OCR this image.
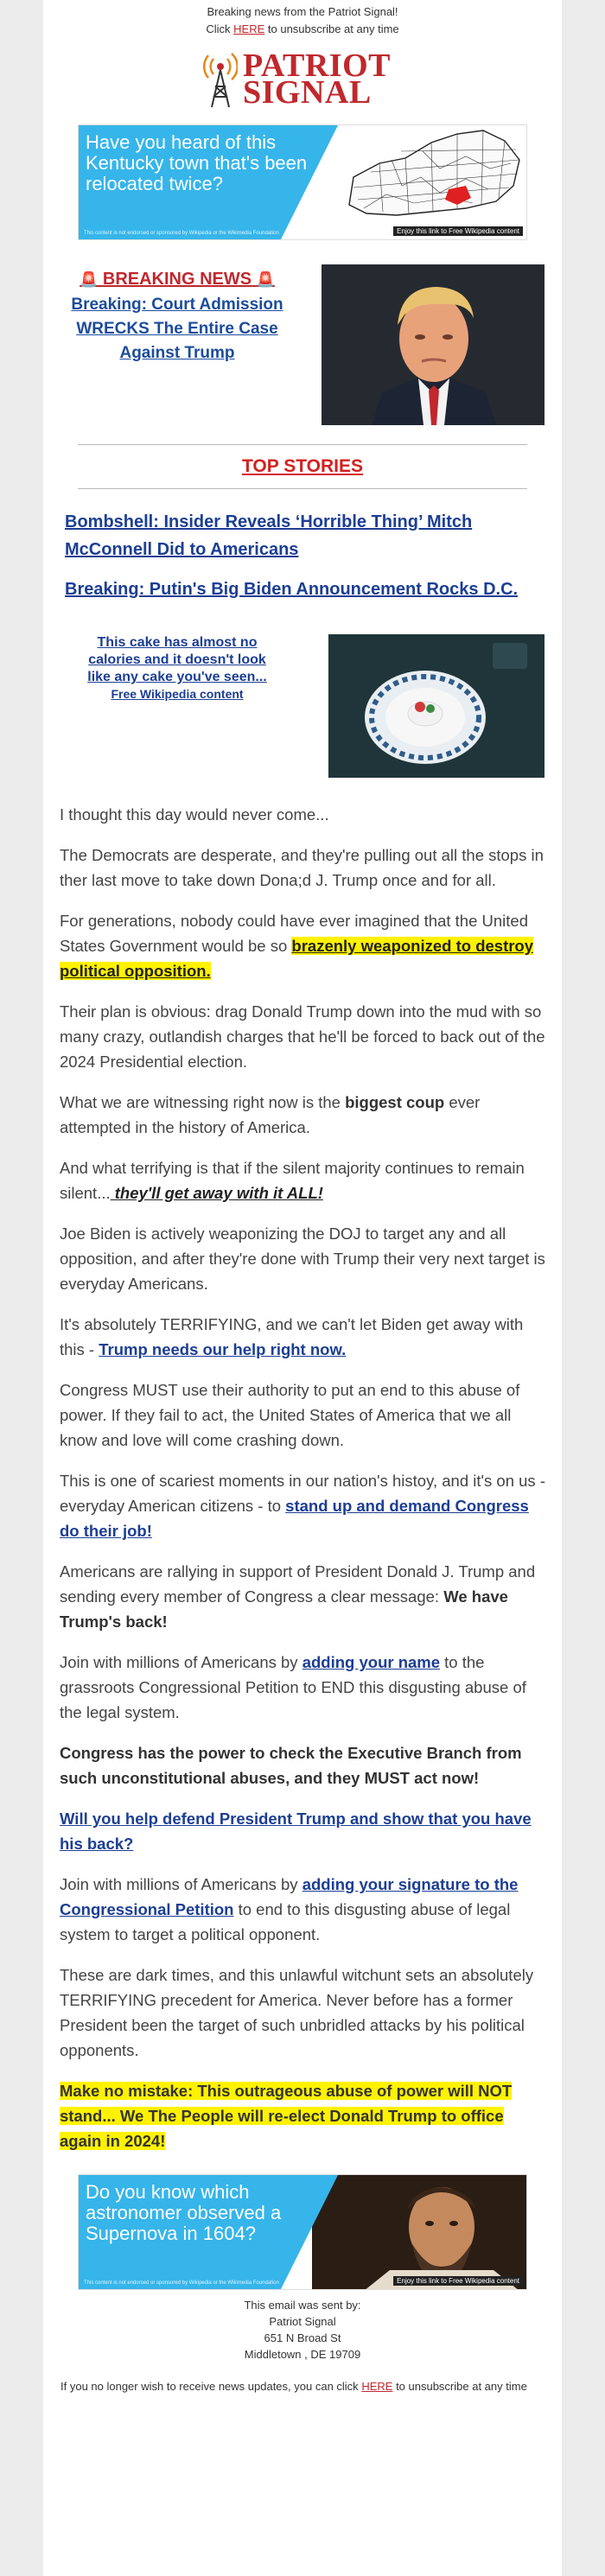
Breaking news from the Patriot Signal!
Click HERE to unsubscribe at any time
PATRIOT
SIGNAL
Have you heard of this Kentucky town that's been relocated twice?
This content is not endorsed or sponsored by Wikipedia or the Wikimedia Foundation	Enjoy this link to Free Wikipedia content
🚨 BREAKING NEWS 🚨
Breaking: Court Admission WRECKS The Entire Case Against Trump
TOP STORIES
Bombshell: Insider Reveals ‘Horrible Thing’ Mitch McConnell Did to Americans
Breaking: Putin's Big Biden Announcement Rocks D.C.
This cake has almost no calories and it doesn't look like any cake you've seen...
Free Wikipedia content

I thought this day would never come...

The Democrats are desperate, and they're pulling out all the stops in ther last move to take down Dona;d J. Trump once and for all.

For generations, nobody could have ever imagined that the United States Government would be so brazenly weaponized to destroy political opposition.

Their plan is obvious: drag Donald Trump down into the mud with so many crazy, outlandish charges that he'll be forced to back out of the 2024 Presidential election.

What we are witnessing right now is the biggest coup ever attempted in the history of America.

And what terrifying is that if the silent majority continues to remain silent... they'll get away with it ALL!

Joe Biden is actively weaponizing the DOJ to target any and all opposition, and after they're done with Trump their very next target is everyday Americans.

It's absolutely TERRIFYING, and we can't let Biden get away with this - Trump needs our help right now.

Congress MUST use their authority to put an end to this abuse of power. If they fail to act, the United States of America that we all know and love will come crashing down.

This is one of scariest moments in our nation's histoy, and it's on us - everyday American citizens - to stand up and demand Congress do their job!

Americans are rallying in support of President Donald J. Trump and sending every member of Congress a clear message: We have Trump's back!

Join with millions of Americans by adding your name to the grassroots Congressional Petition to END this disgusting abuse of the legal system.

Congress has the power to check the Executive Branch from such unconstitutional abuses, and they MUST act now!

Will you help defend President Trump and show that you have his back?

Join with millions of Americans by adding your signature to the Congressional Petition to end to this disgusting abuse of legal system to target a political opponent.

These are dark times, and this unlawful witchunt sets an absolutely TERRIFYING precedent for America. Never before has a former President been the target of such unbridled attacks by his political opponents.

Make no mistake: This outrageous abuse of power will NOT stand... We The People will re-elect Donald Trump to office again in 2024!

Do you know which astronomer observed a Supernova in 1604?
This content is not endorsed or sponsored by Wikipedia or the Wikimedia Foundation	Enjoy this link to Free Wikipedia content
This email was sent by:
Patriot Signal
651 N Broad St
Middletown , DE 19709
If you no longer wish to receive news updates, you can click HERE to unsubscribe at any time
